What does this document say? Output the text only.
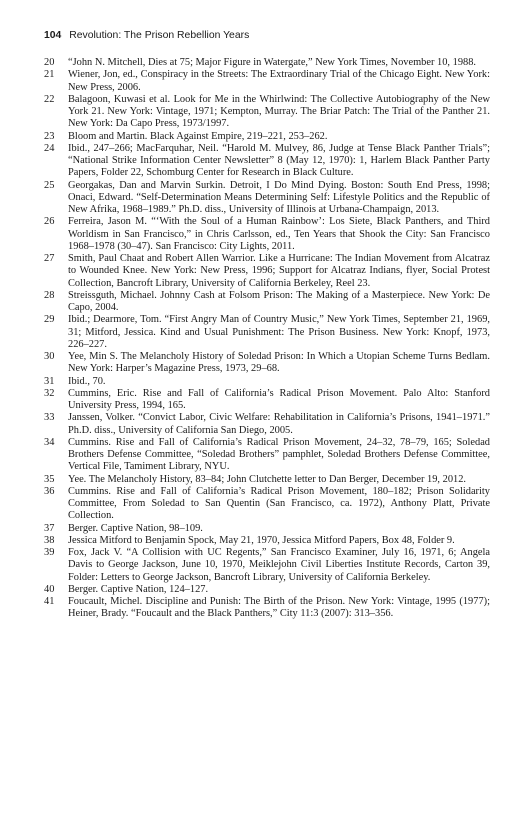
104 Revolution: The Prison Rebellion Years
20 “John N. Mitchell, Dies at 75; Major Figure in Watergate,” New York Times, November 10, 1988.
21 Wiener, Jon, ed., Conspiracy in the Streets: The Extraordinary Trial of the Chicago Eight. New York: New Press, 2006.
22 Balagoon, Kuwasi et al. Look for Me in the Whirlwind: The Collective Autobiography of the New York 21. New York: Vintage, 1971; Kempton, Murray. The Briar Patch: The Trial of the Panther 21. New York: Da Capo Press, 1973/1997.
23 Bloom and Martin. Black Against Empire, 219–221, 253–262.
24 Ibid., 247–266; MacFarquhar, Neil. “Harold M. Mulvey, 86, Judge at Tense Black Panther Trials”; “National Strike Information Center Newsletter” 8 (May 12, 1970): 1, Harlem Black Panther Party Papers, Folder 22, Schomburg Center for Research in Black Culture.
25 Georgakas, Dan and Marvin Surkin. Detroit, I Do Mind Dying. Boston: South End Press, 1998; Onaci, Edward. “Self-Determination Means Determining Self: Lifestyle Politics and the Republic of New Afrika, 1968–1989.” Ph.D. diss., University of Illinois at Urbana-Champaign, 2013.
26 Ferreira, Jason M. “‘With the Soul of a Human Rainbow’: Los Siete, Black Panthers, and Third Worldism in San Francisco,” in Chris Carlsson, ed., Ten Years that Shook the City: San Francisco 1968–1978 (30–47). San Francisco: City Lights, 2011.
27 Smith, Paul Chaat and Robert Allen Warrior. Like a Hurricane: The Indian Movement from Alcatraz to Wounded Knee. New York: New Press, 1996; Support for Alcatraz Indians, flyer, Social Protest Collection, Bancroft Library, University of California Berkeley, Reel 23.
28 Streissguth, Michael. Johnny Cash at Folsom Prison: The Making of a Masterpiece. New York: De Capo, 2004.
29 Ibid.; Dearmore, Tom. “First Angry Man of Country Music,” New York Times, September 21, 1969, 31; Mitford, Jessica. Kind and Usual Punishment: The Prison Business. New York: Knopf, 1973, 226–227.
30 Yee, Min S. The Melancholy History of Soledad Prison: In Which a Utopian Scheme Turns Bedlam. New York: Harper’s Magazine Press, 1973, 29–68.
31 Ibid., 70.
32 Cummins, Eric. Rise and Fall of California’s Radical Prison Movement. Palo Alto: Stanford University Press, 1994, 165.
33 Janssen, Volker. “Convict Labor, Civic Welfare: Rehabilitation in California’s Prisons, 1941–1971.” Ph.D. diss., University of California San Diego, 2005.
34 Cummins. Rise and Fall of California’s Radical Prison Movement, 24–32, 78–79, 165; Soledad Brothers Defense Committee, “Soledad Brothers” pamphlet, Soledad Brothers Defense Committee, Vertical File, Tamiment Library, NYU.
35 Yee. The Melancholy History, 83–84; John Clutchette letter to Dan Berger, December 19, 2012.
36 Cummins. Rise and Fall of California’s Radical Prison Movement, 180–182; Prison Solidarity Committee, From Soledad to San Quentin (San Francisco, ca. 1972), Anthony Platt, Private Collection.
37 Berger. Captive Nation, 98–109.
38 Jessica Mitford to Benjamin Spock, May 21, 1970, Jessica Mitford Papers, Box 48, Folder 9.
39 Fox, Jack V. “A Collision with UC Regents,” San Francisco Examiner, July 16, 1971, 6; Angela Davis to George Jackson, June 10, 1970, Meiklejohn Civil Liberties Institute Records, Carton 39, Folder: Letters to George Jackson, Bancroft Library, University of California Berkeley.
40 Berger. Captive Nation, 124–127.
41 Foucault, Michel. Discipline and Punish: The Birth of the Prison. New York: Vintage, 1995 (1977); Heiner, Brady. “Foucault and the Black Panthers,” City 11:3 (2007): 313–356.
